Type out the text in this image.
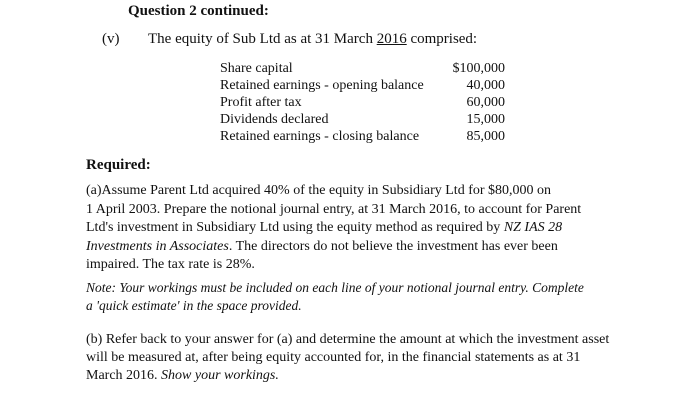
Question 2 continued:
(v) The equity of Sub Ltd as at 31 March 2016 comprised:
Share capital	$100,000
Retained earnings - opening balance	40,000
Profit after tax	60,000
Dividends declared	15,000
Retained earnings - closing balance	85,000
Required:
(a)Assume Parent Ltd acquired 40% of the equity in Subsidiary Ltd for $80,000 on
1 April 2003. Prepare the notional journal entry, at 31 March 2016, to account for Parent
Ltd's investment in Subsidiary Ltd using the equity method as required by NZ IAS 28
Investments in Associates. The directors do not believe the investment has ever been
impaired. The tax rate is 28%.
Note: Your workings must be included on each line of your notional journal entry. Complete
a 'quick estimate' in the space provided.
(b) Refer back to your answer for (a) and determine the amount at which the investment asset
will be measured at, after being equity accounted for, in the financial statements as at 31
March 2016. Show your workings.
